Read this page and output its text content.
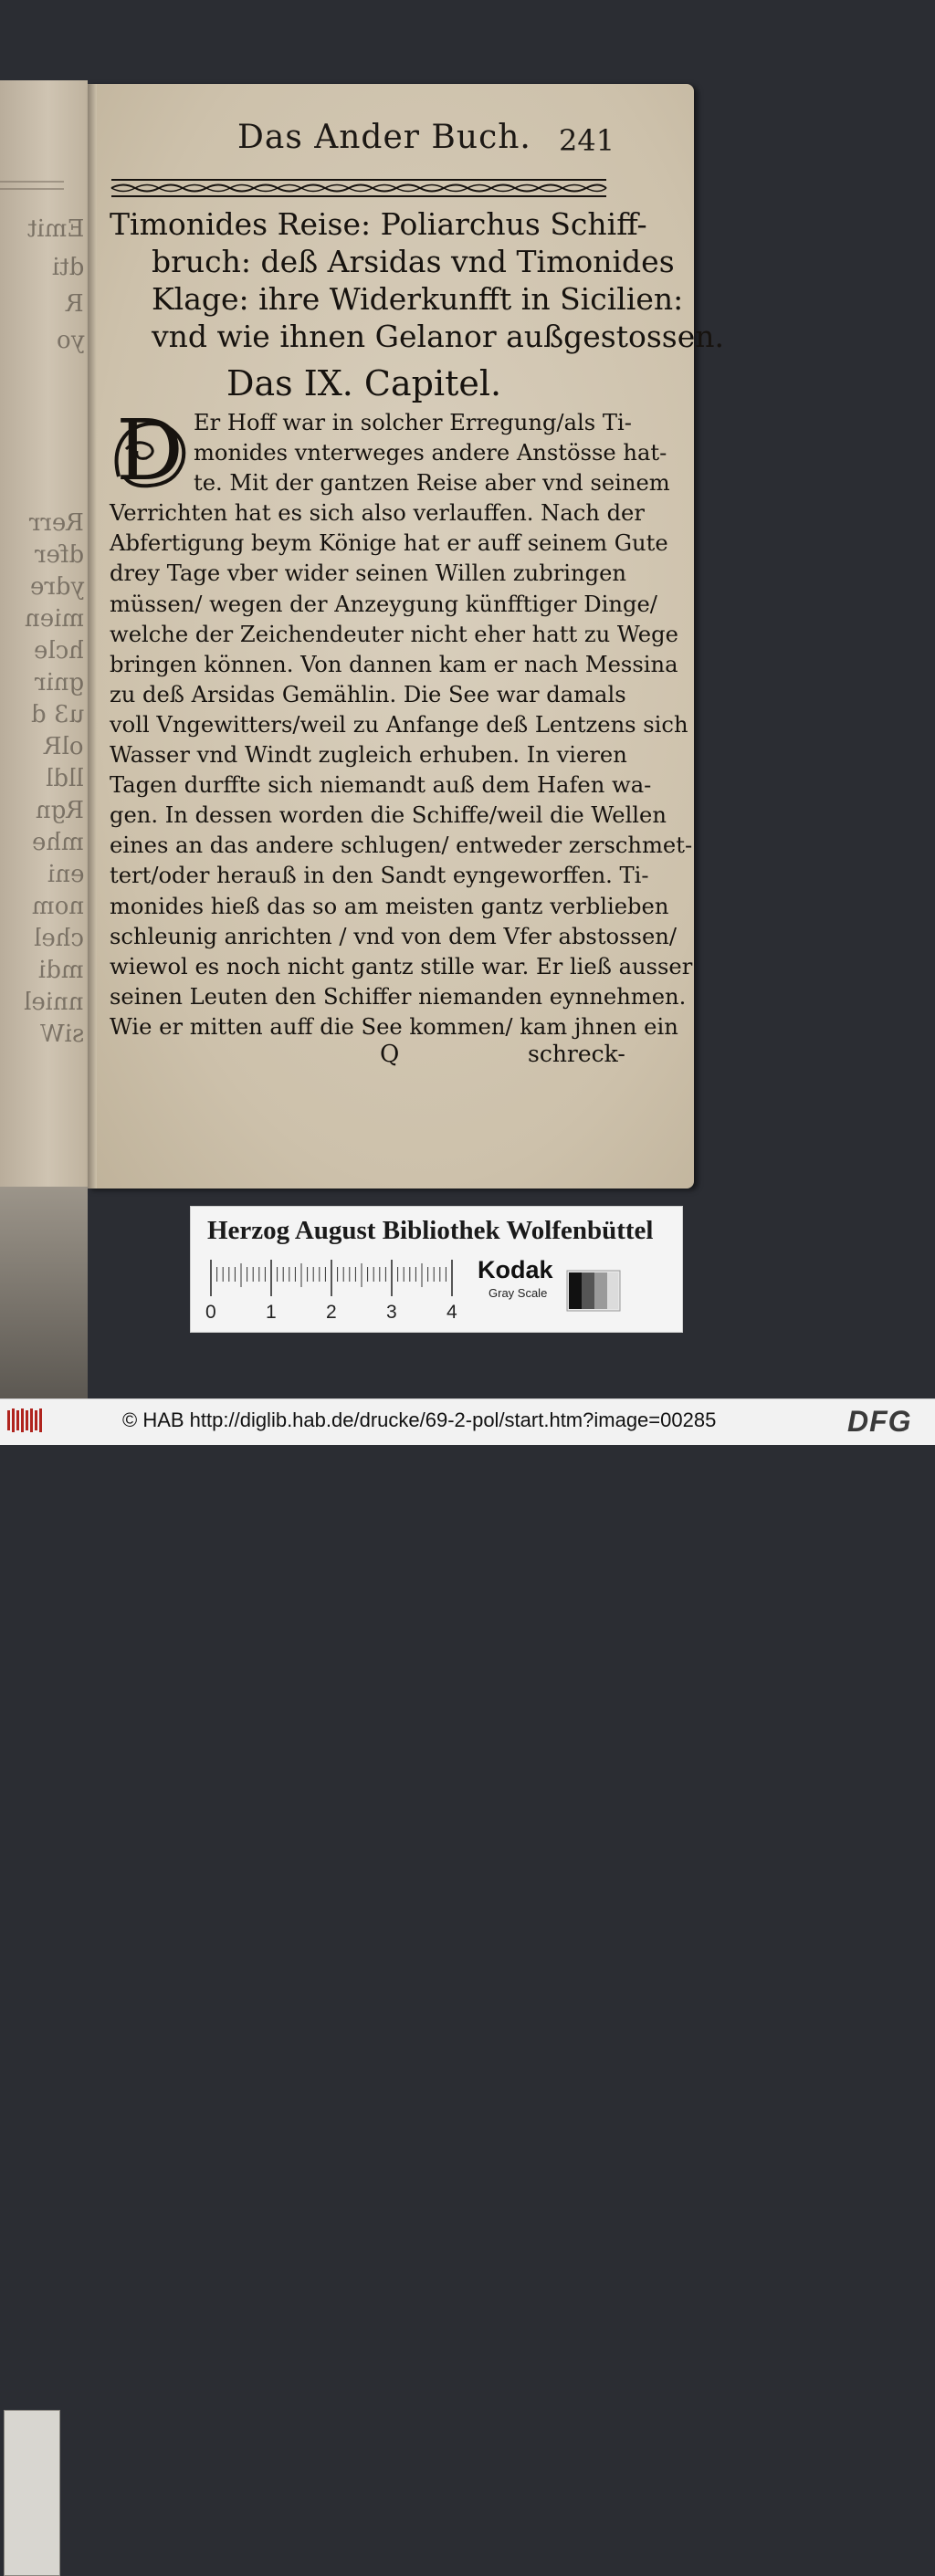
Emit
dti
R
yo
Rerr
dfer
ydre
mien
hcle
gnir
u3 d
olR
lldl
Rgn
mhe
eni
nom
chel
mdi
nniel
siW
Das Ander Buch. 241
Timonides Reise: Poliarchus Schiff-
bruch: deß Arsidas vnd Timonides
Klage: ihre Widerkunfft in Sicilien:
vnd wie ihnen Gelanor außgestossen.
Das IX. Capitel.
D Er Hoff war in solcher Erregung/als Ti-
monides vnterweges andere Anstösse hat-
te. Mit der gantzen Reise aber vnd seinem
Verrichten hat es sich also verlauffen. Nach der
Abfertigung beym Könige hat er auff seinem Gute
drey Tage vber wider seinen Willen zubringen
müssen/ wegen der Anzeygung künfftiger Dinge/
welche der Zeichendeuter nicht eher hatt zu Wege
bringen können. Von dannen kam er nach Messina
zu deß Arsidas Gemählin. Die See war damals
voll Vngewitters/weil zu Anfange deß Lentzens sich
Wasser vnd Windt zugleich erhuben. In vieren
Tagen durffte sich niemandt auß dem Hafen wa-
gen. In dessen worden die Schiffe/weil die Wellen
eines an das andere schlugen/ entweder zerschmet-
tert/oder herauß in den Sandt eyngeworffen. Ti-
monides hieß das so am meisten gantz verblieben
schleunig anrichten / vnd von dem Vfer abstossen/
wiewol es noch nicht gantz stille war. Er ließ ausser
seinen Leuten den Schiffer niemanden eynnehmen.
Wie er mitten auff die See kommen/ kam jhnen ein
Q	schreck-
Herzog August Bibliothek Wolfenbüttel
0	1	2	3	4
Kodak
Gray Scale
© HAB http://diglib.hab.de/drucke/69-2-pol/start.htm?image=00285	DFG
